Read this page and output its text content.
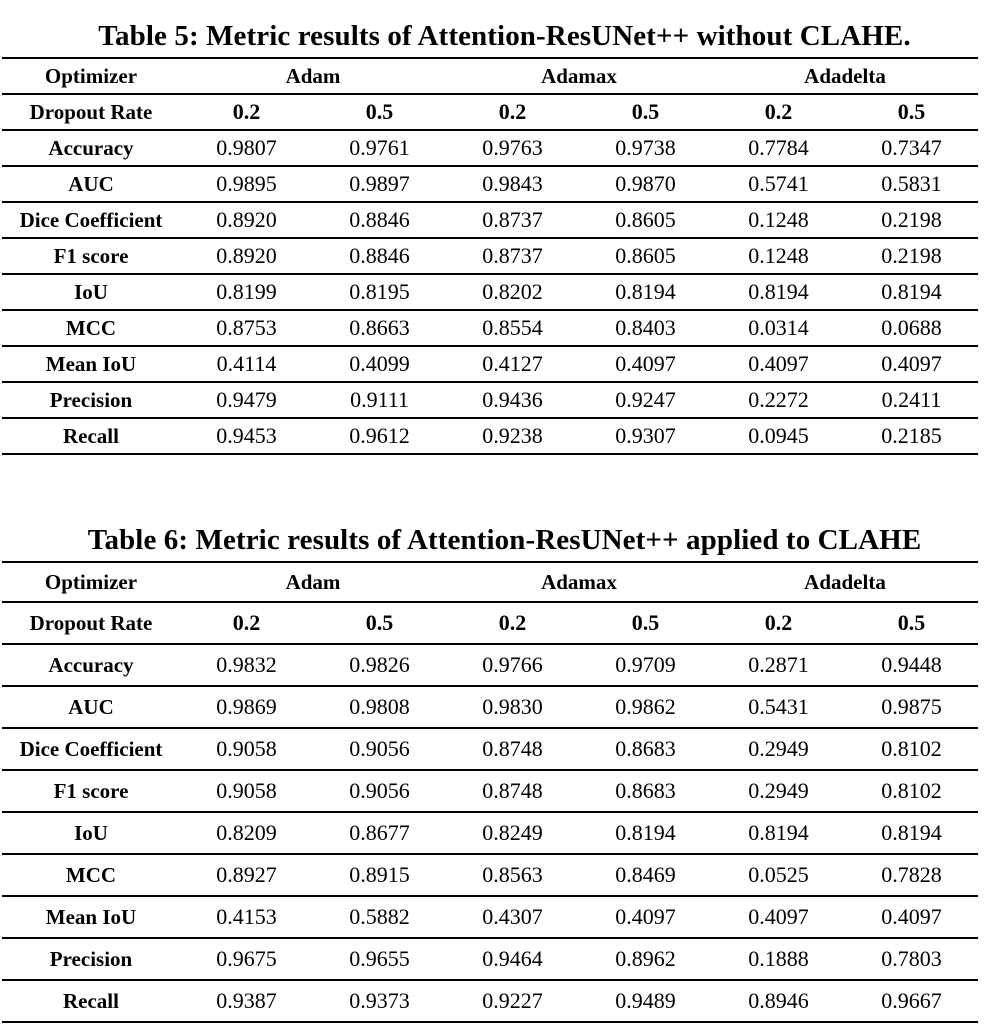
Table 5: Metric results of Attention-ResUNet++ without CLAHE.
Optimizer	Adam		Adamax		Adadelta	
Dropout Rate	0.2	0.5	0.2	0.5	0.2	0.5
Accuracy	0.9807	0.9761	0.9763	0.9738	0.7784	0.7347
AUC	0.9895	0.9897	0.9843	0.9870	0.5741	0.5831
Dice Coefficient	0.8920	0.8846	0.8737	0.8605	0.1248	0.2198
F1 score	0.8920	0.8846	0.8737	0.8605	0.1248	0.2198
IoU	0.8199	0.8195	0.8202	0.8194	0.8194	0.8194
MCC	0.8753	0.8663	0.8554	0.8403	0.0314	0.0688
Mean IoU	0.4114	0.4099	0.4127	0.4097	0.4097	0.4097
Precision	0.9479	0.9111	0.9436	0.9247	0.2272	0.2411
Recall	0.9453	0.9612	0.9238	0.9307	0.0945	0.2185
Table 6: Metric results of Attention-ResUNet++ applied to CLAHE
Optimizer	Adam		Adamax		Adadelta	
Dropout Rate	0.2	0.5	0.2	0.5	0.2	0.5
Accuracy	0.9832	0.9826	0.9766	0.9709	0.2871	0.9448
AUC	0.9869	0.9808	0.9830	0.9862	0.5431	0.9875
Dice Coefficient	0.9058	0.9056	0.8748	0.8683	0.2949	0.8102
F1 score	0.9058	0.9056	0.8748	0.8683	0.2949	0.8102
IoU	0.8209	0.8677	0.8249	0.8194	0.8194	0.8194
MCC	0.8927	0.8915	0.8563	0.8469	0.0525	0.7828
Mean IoU	0.4153	0.5882	0.4307	0.4097	0.4097	0.4097
Precision	0.9675	0.9655	0.9464	0.8962	0.1888	0.7803
Recall	0.9387	0.9373	0.9227	0.9489	0.8946	0.9667
